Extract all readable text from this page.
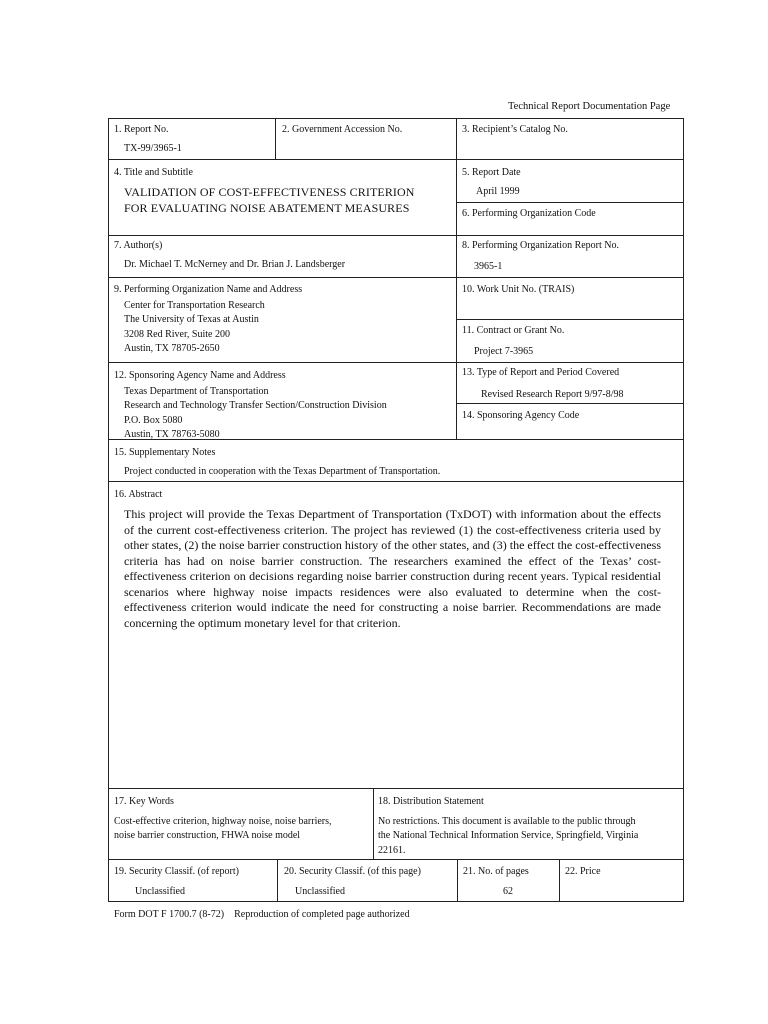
Technical Report Documentation Page
1. Report No.
TX-99/3965-1
2. Government Accession No.	3. Recipient’s Catalog No.
4. Title and Subtitle
VALIDATION OF COST-EFFECTIVENESS CRITERION
FOR EVALUATING NOISE ABATEMENT MEASURES
5. Report Date
April 1999
6. Performing Organization Code
7. Author(s)
Dr. Michael T. McNerney and Dr. Brian J. Landsberger
8. Performing Organization Report No.
3965-1
9. Performing Organization Name and Address
Center for Transportation Research
The University of Texas at Austin
3208 Red River, Suite 200
Austin, TX 78705-2650
10. Work Unit No. (TRAIS)
11. Contract or Grant No.
Project 7-3965
12. Sponsoring Agency Name and Address
Texas Department of Transportation
Research and Technology Transfer Section/Construction Division
P.O. Box 5080
Austin, TX 78763-5080
13. Type of Report and Period Covered
Revised Research Report 9/97-8/98
14. Sponsoring Agency Code
15. Supplementary Notes
Project conducted in cooperation with the Texas Department of Transportation.
16. Abstract
This project will provide the Texas Department of Transportation (TxDOT) with information about the effects of the current cost-effectiveness criterion. The project has reviewed (1) the cost-effectiveness criteria used by other states, (2) the noise barrier construction history of the other states, and (3) the effect the cost-effectiveness criteria has had on noise barrier construction. The researchers examined the effect of the Texas’ cost-effectiveness criterion on decisions regarding noise barrier construction during recent years. Typical residential scenarios where highway noise impacts residences were also evaluated to determine when the cost-effectiveness criterion would indicate the need for constructing a noise barrier. Recommendations are made concerning the optimum monetary level for that criterion.
17. Key Words
Cost-effective criterion, highway noise, noise barriers,
noise barrier construction, FHWA noise model
18. Distribution Statement
No restrictions. This document is available to the public through
the National Technical Information Service, Springfield, Virginia
22161.
19. Security Classif. (of report)
Unclassified
20. Security Classif. (of this page)
Unclassified
21. No. of pages
62
22. Price
Form DOT F 1700.7 (8-72)    Reproduction of completed page authorized
